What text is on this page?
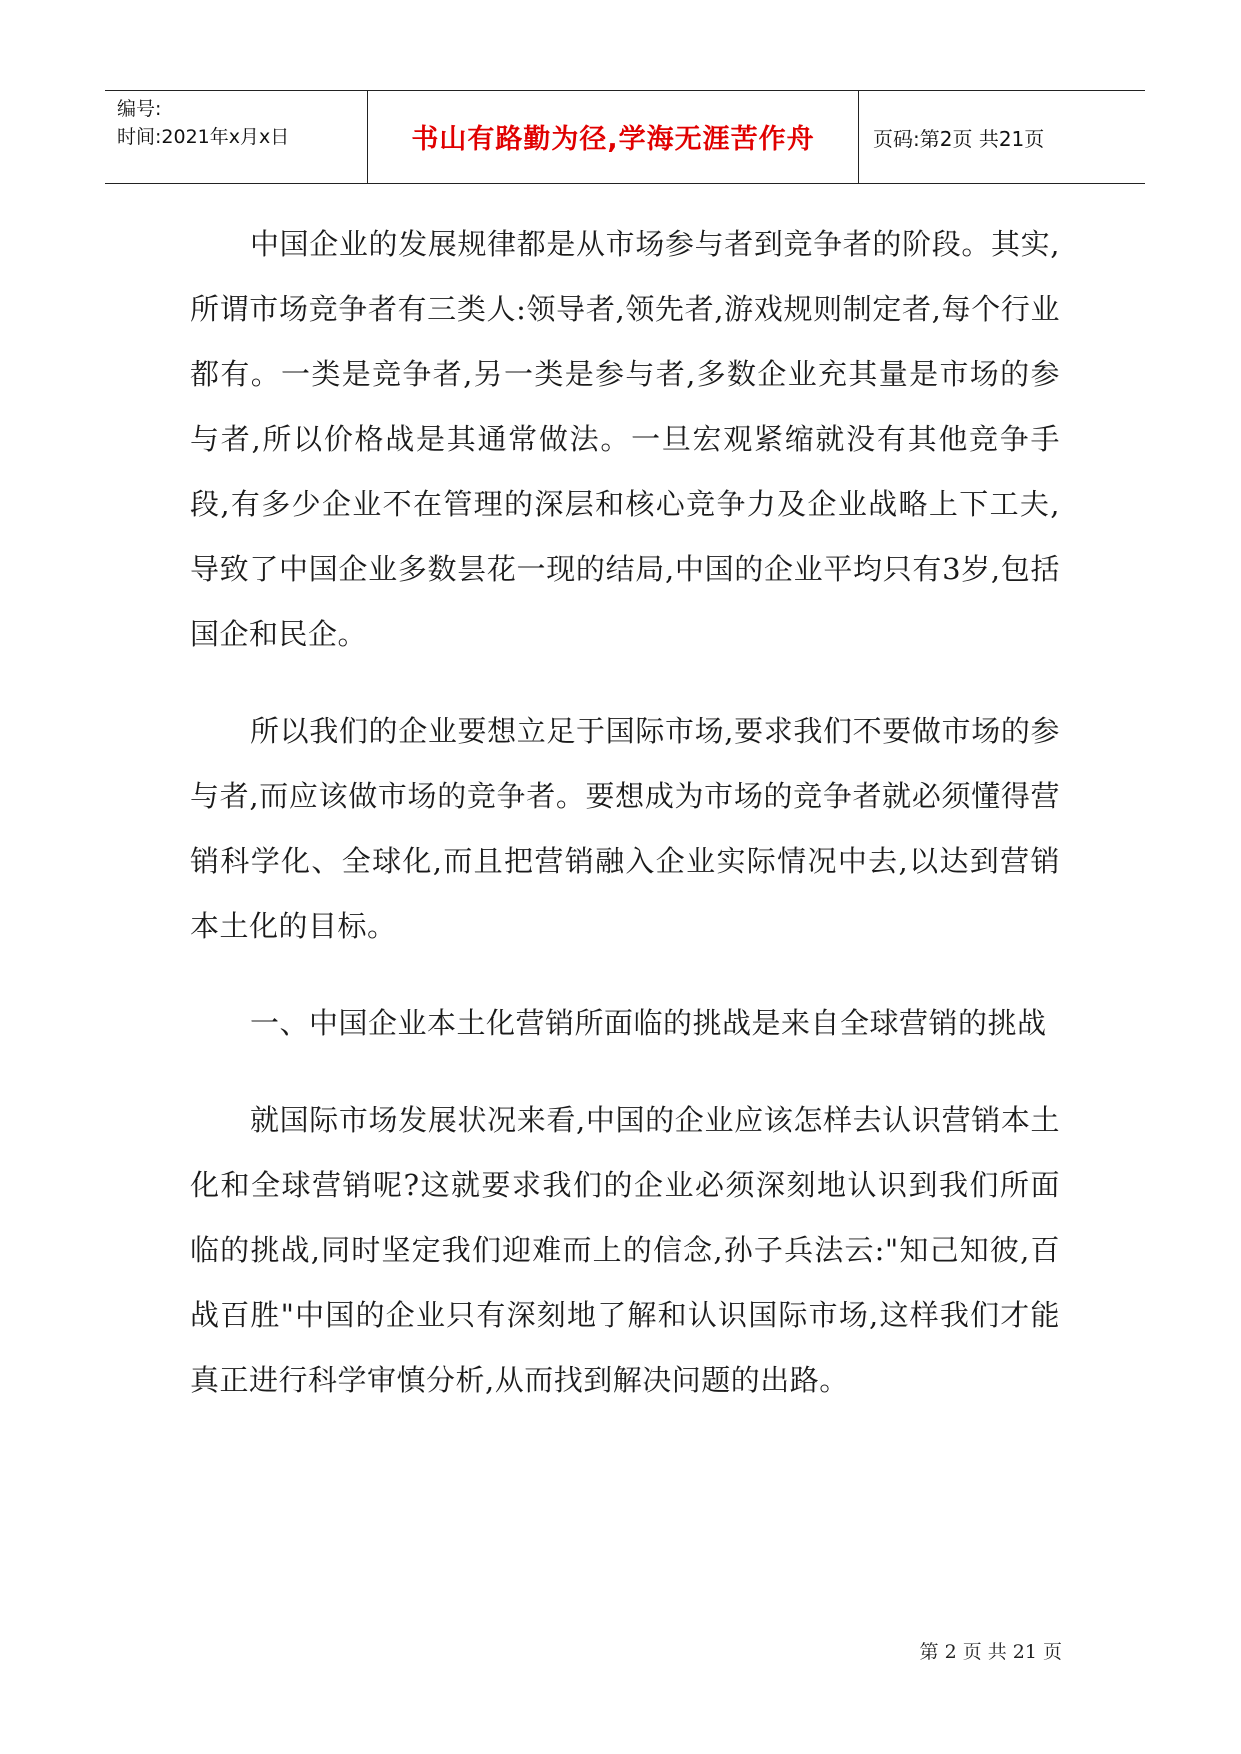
编号:
时间:2021年x月x日	书山有路勤为径,学海无涯苦作舟	页码:第2页 共21页

中国企业的发展规律都是从市场参与者到竞争者的阶段。其实,所谓市场竞争者有三类人:领导者,领先者,游戏规则制定者,每个行业都有。一类是竞争者,另一类是参与者,多数企业充其量是市场的参与者,所以价格战是其通常做法。一旦宏观紧缩就没有其他竞争手段,有多少企业不在管理的深层和核心竞争力及企业战略上下工夫,导致了中国企业多数昙花一现的结局,中国的企业平均只有3岁,包括国企和民企。

所以我们的企业要想立足于国际市场,要求我们不要做市场的参与者,而应该做市场的竞争者。要想成为市场的竞争者就必须懂得营销科学化、全球化,而且把营销融入企业实际情况中去,以达到营销本土化的目标。

一、中国企业本土化营销所面临的挑战是来自全球营销的挑战

就国际市场发展状况来看,中国的企业应该怎样去认识营销本土化和全球营销呢?这就要求我们的企业必须深刻地认识到我们所面临的挑战,同时坚定我们迎难而上的信念,孙子兵法云:"知己知彼,百战百胜"中国的企业只有深刻地了解和认识国际市场,这样我们才能真正进行科学审慎分析,从而找到解决问题的出路。

第 2 页 共 21 页
